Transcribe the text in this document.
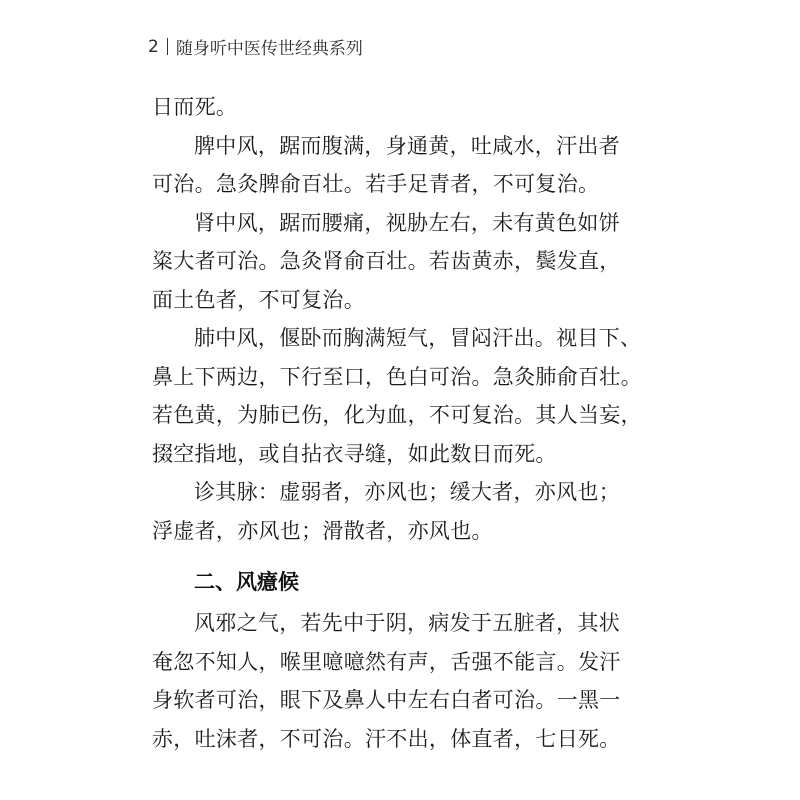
2 随身听中医传世经典系列
日而死。
脾中风，踞而腹满，身通黄，吐咸水，汗出者
可治。急灸脾俞百壮。若手足青者，不可复治。
肾中风，踞而腰痛，视胁左右，未有黄色如饼
粢大者可治。急灸肾俞百壮。若齿黄赤，鬓发直，
面土色者，不可复治。
肺中风，偃卧而胸满短气，冒闷汗出。视目下、
鼻上下两边，下行至口，色白可治。急灸肺俞百壮。
若色黄，为肺已伤，化为血，不可复治。其人当妄，
掇空指地，或自拈衣寻缝，如此数日而死。
诊其脉：虚弱者，亦风也；缓大者，亦风也；
浮虚者，亦风也；滑散者，亦风也。
二、风癔候
风邪之气，若先中于阴，病发于五脏者，其状
奄忽不知人，喉里噫噫然有声，舌强不能言。发汗
身软者可治，眼下及鼻人中左右白者可治。一黑一
赤，吐沫者，不可治。汗不出，体直者，七日死。
